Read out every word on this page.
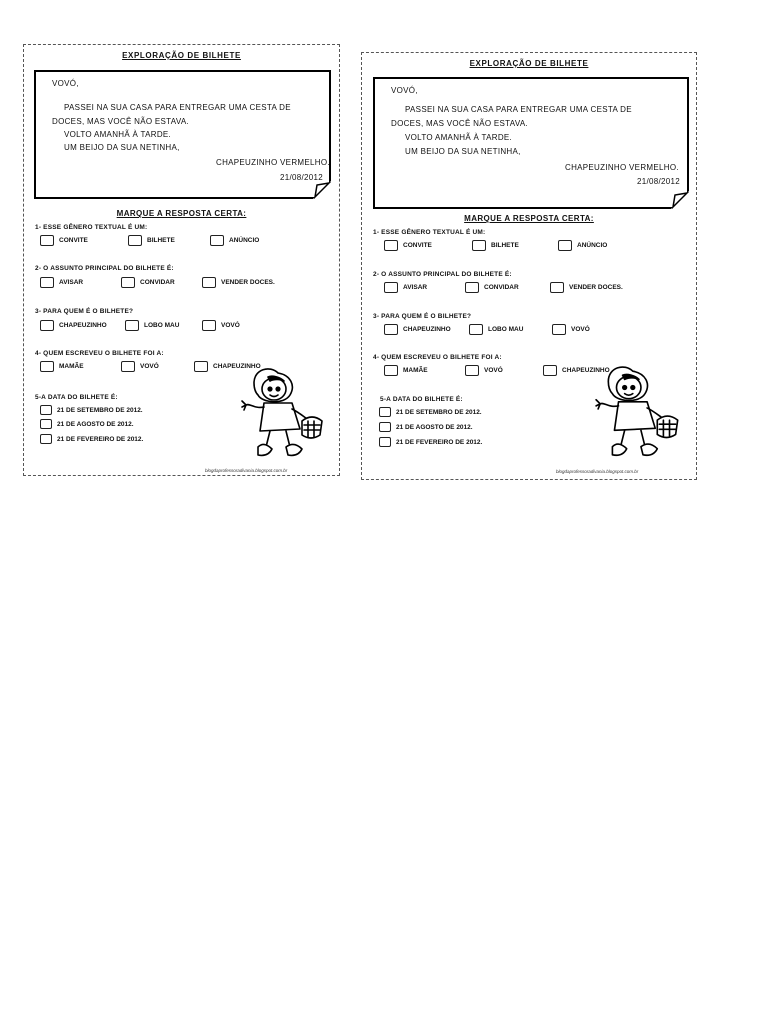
EXPLORAÇÃO DE BILHETE
VOVÓ,
PASSEI NA SUA CASA PARA ENTREGAR UMA CESTA DE
DOCES, MAS VOCÊ NÃO ESTAVA.
VOLTO AMANHÃ À TARDE.
UM BEIJO DA SUA NETINHA,
CHAPEUZINHO VERMELHO.
21/08/2012
MARQUE A RESPOSTA CERTA:
1- ESSE GÊNERO TEXTUAL É UM:
CONVITE	BILHETE	ANÚNCIO
2- O ASSUNTO PRINCIPAL DO BILHETE É:
AVISAR	CONVIDAR	VENDER DOCES.
3- PARA QUEM É O BILHETE?
CHAPEUZINHO	LOBO MAU	VOVÓ
4- QUEM ESCREVEU O BILHETE FOI A:
MAMÃE	VOVÓ	CHAPEUZINHO
5-A DATA DO BILHETE É:
21 DE SETEMBRO DE 2012.
21 DE AGOSTO DE 2012.
21 DE FEVEREIRO DE 2012.
blogdaprofessoradivania.blogspot.com.br
EXPLORAÇÃO DE BILHETE
VOVÓ,
PASSEI NA SUA CASA PARA ENTREGAR UMA CESTA DE
DOCES, MAS VOCÊ NÃO ESTAVA.
VOLTO AMANHÃ À TARDE.
UM BEIJO DA SUA NETINHA,
CHAPEUZINHO VERMELHO.
21/08/2012
MARQUE A RESPOSTA CERTA:
1- ESSE GÊNERO TEXTUAL É UM:
CONVITE	BILHETE	ANÚNCIO
2- O ASSUNTO PRINCIPAL DO BILHETE É:
AVISAR	CONVIDAR	VENDER DOCES.
3- PARA QUEM É O BILHETE?
CHAPEUZINHO	LOBO MAU	VOVÓ
4- QUEM ESCREVEU O BILHETE FOI A:
MAMÃE	VOVÓ	CHAPEUZINHO
5-A DATA DO BILHETE É:
21 DE SETEMBRO DE 2012.
21 DE AGOSTO DE 2012.
21 DE FEVEREIRO DE 2012.
blogdaprofessoradivania.blogspot.com.br
